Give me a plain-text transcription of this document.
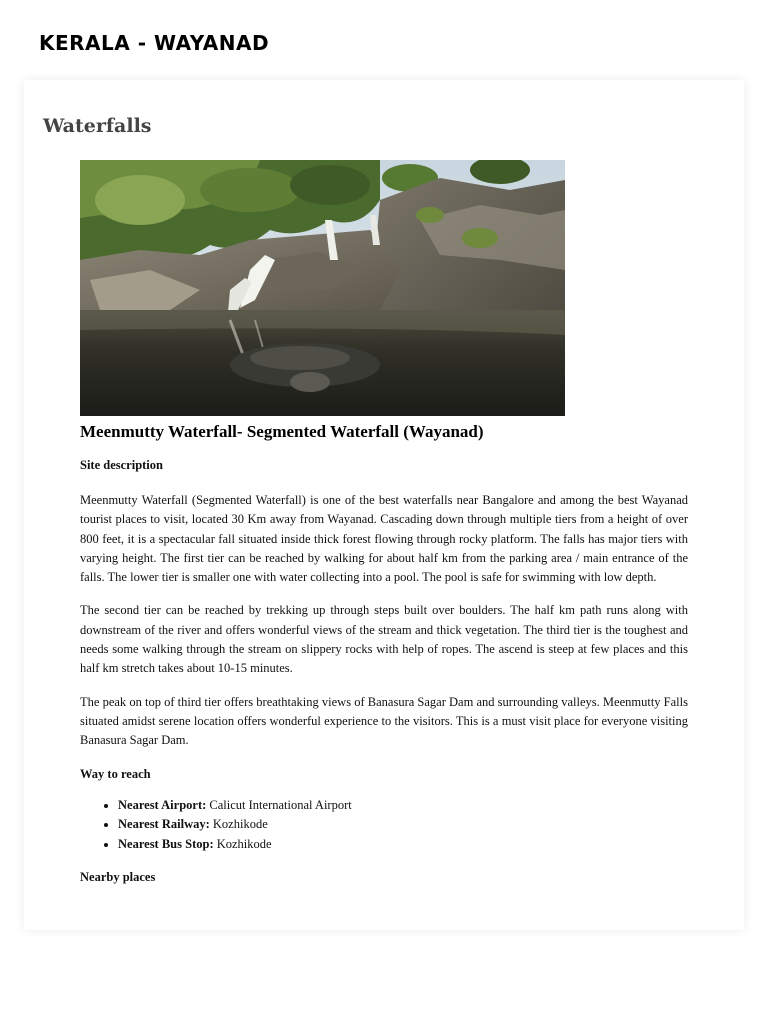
KERALA - WAYANAD
Waterfalls
Meenmutty Waterfall- Segmented Waterfall (Wayanad)
Site description

Meenmutty Waterfall (Segmented Waterfall) is one of the best waterfalls near Bangalore and among the best Wayanad tourist places to visit, located 30 Km away from Wayanad. Cascading down through multiple tiers from a height of over 800 feet, it is a spectacular fall situated inside thick forest flowing through rocky platform. The falls has major tiers with varying height. The first tier can be reached by walking for about half km from the parking area / main entrance of the falls. The lower tier is smaller one with water collecting into a pool. The pool is safe for swimming with low depth.

The second tier can be reached by trekking up through steps built over boulders. The half km path runs along with downstream of the river and offers wonderful views of the stream and thick vegetation. The third tier is the toughest and needs some walking through the stream on slippery rocks with help of ropes. The ascend is steep at few places and this half km stretch takes about 10-15 minutes.

The peak on top of third tier offers breathtaking views of Banasura Sagar Dam and surrounding valleys. Meenmutty Falls situated amidst serene location offers wonderful experience to the visitors. This is a must visit place for everyone visiting Banasura Sagar Dam.

Way to reach
• Nearest Airport: Calicut International Airport
• Nearest Railway: Kozhikode
• Nearest Bus Stop: Kozhikode
Nearby places
